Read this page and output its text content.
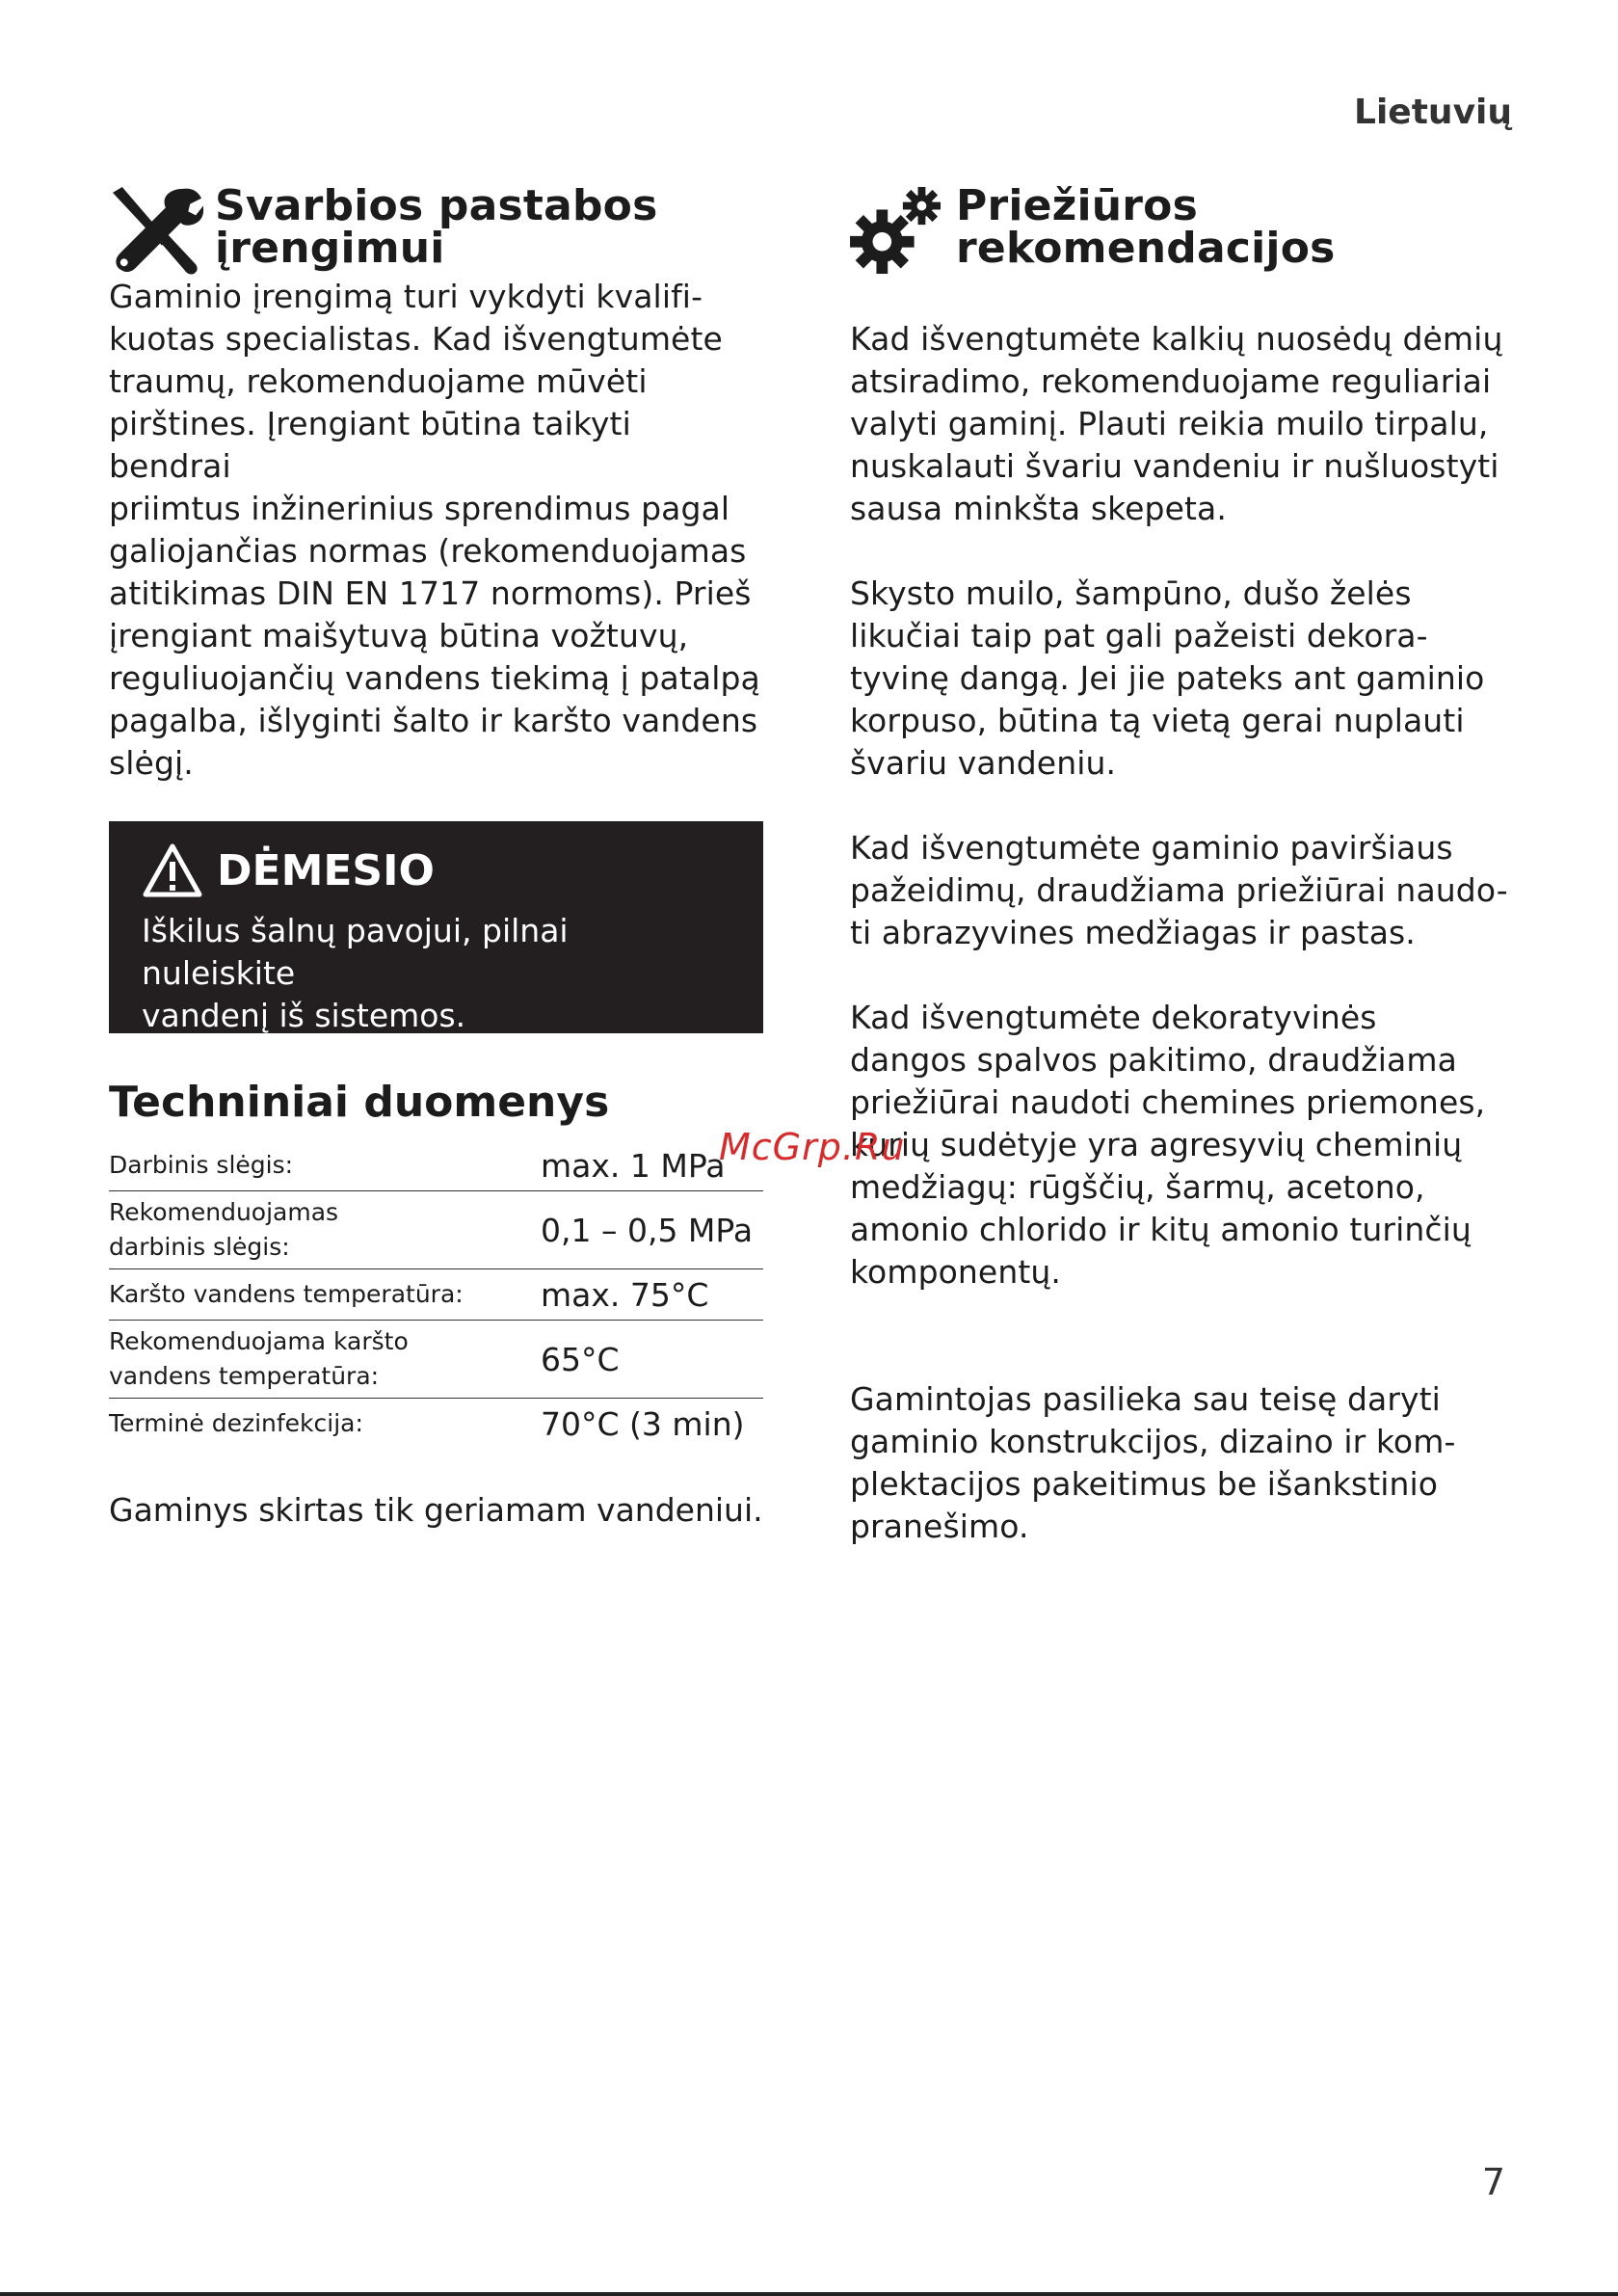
Lietuvių
Svarbios pastabos
įrengimui
Gaminio įrengimą turi vykdyti kvalifi-
kuotas specialistas. Kad išvengtumėte
traumų, rekomenduojame mūvėti
pirštines. Įrengiant būtina taikyti bendrai
priimtus inžinerinius sprendimus pagal
galiojančias normas (rekomenduojamas
atitikimas DIN EN 1717 normoms). Prieš
įrengiant maišytuvą būtina vožtuvų,
reguliuojančių vandens tiekimą į patalpą
pagalba, išlyginti šalto ir karšto vandens
slėgį.
DĖMESIO
Iškilus šalnų pavojui, pilnai nuleiskite
vandenį iš sistemos.
Techniniai duomenys
Darbinis slėgis:	max. 1 MPa
Rekomenduojamas
darbinis slėgis:	0,1 – 0,5 MPa
Karšto vandens temperatūra:	max. 75°C
Rekomenduojama karšto
vandens temperatūra:	65°C
Terminė dezinfekcija:	70°C (3 min)
Gaminys skirtas tik geriamam vandeniui.
Priežiūros
rekomendacijos

Kad išvengtumėte kalkių nuosėdų dėmių
atsiradimo, rekomenduojame reguliariai
valyti gaminį. Plauti reikia muilo tirpalu,
nuskalauti švariu vandeniu ir nušluostyti
sausa minkšta skepeta.

Skysto muilo, šampūno, dušo želės
likučiai taip pat gali pažeisti dekora-
tyvinę dangą. Jei jie pateks ant gaminio
korpuso, būtina tą vietą gerai nuplauti
švariu vandeniu.

Kad išvengtumėte gaminio paviršiaus
pažeidimų, draudžiama priežiūrai naudo-
ti abrazyvines medžiagas ir pastas.

Kad išvengtumėte dekoratyvinės
dangos spalvos pakitimo, draudžiama
priežiūrai naudoti chemines priemones,
kurių sudėtyje yra agresyvių cheminių
medžiagų: rūgščių, šarmų, acetono,
amonio chlorido ir kitų amonio turinčių
komponentų.

Gamintojas pasilieka sau teisę daryti
gaminio konstrukcijos, dizaino ir kom-
plektacijos pakeitimus be išankstinio
pranešimo.
McGrp.Ru
7
